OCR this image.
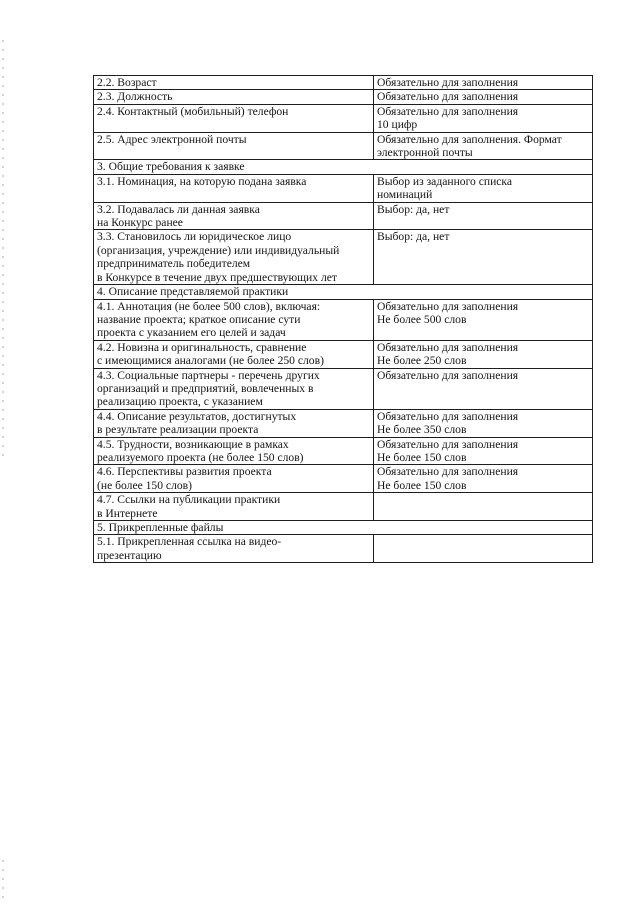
2.2. Возраст	Обязательно для заполнения
2.3. Должность	Обязательно для заполнения
2.4. Контактный (мобильный) телефон	Обязательно для заполнения
10 цифр
2.5. Адрес электронной почты	Обязательно для заполнения. Формат
электронной почты
3. Общие требования к заявке	
3.1. Номинация, на которую подана заявка	Выбор из заданного списка
номинаций
3.2. Подавалась ли данная заявка
на Конкурс ранее	Выбор: да, нет
3.3. Становилось ли юридическое лицо
(организация, учреждение) или индивидуальный
предприниматель победителем
в Конкурсе в течение двух предшествующих лет	Выбор: да, нет
4. Описание представляемой практики	
4.1. Аннотация (не более 500 слов), включая:
название проекта; краткое описание сути
проекта с указанием его целей и задач	Обязательно для заполнения
Не более 500 слов
4.2. Новизна и оригинальность, сравнение
с имеющимися аналогами (не более 250 слов)	Обязательно для заполнения
Не более 250 слов
4.3. Социальные партнеры - перечень других
организаций и предприятий, вовлеченных в
реализацию проекта, с указанием	Обязательно для заполнения
4.4. Описание результатов, достигнутых
в результате реализации проекта	Обязательно для заполнения
Не более 350 слов
4.5. Трудности, возникающие в рамках
реализуемого проекта (не более 150 слов)	Обязательно для заполнения
Не более 150 слов
4.6. Перспективы развития проекта
(не более 150 слов)	Обязательно для заполнения
Не более 150 слов
4.7. Ссылки на публикации практики
в Интернете	
5. Прикрепленные файлы	
5.1. Прикрепленная ссылка на видео-
презентацию	
